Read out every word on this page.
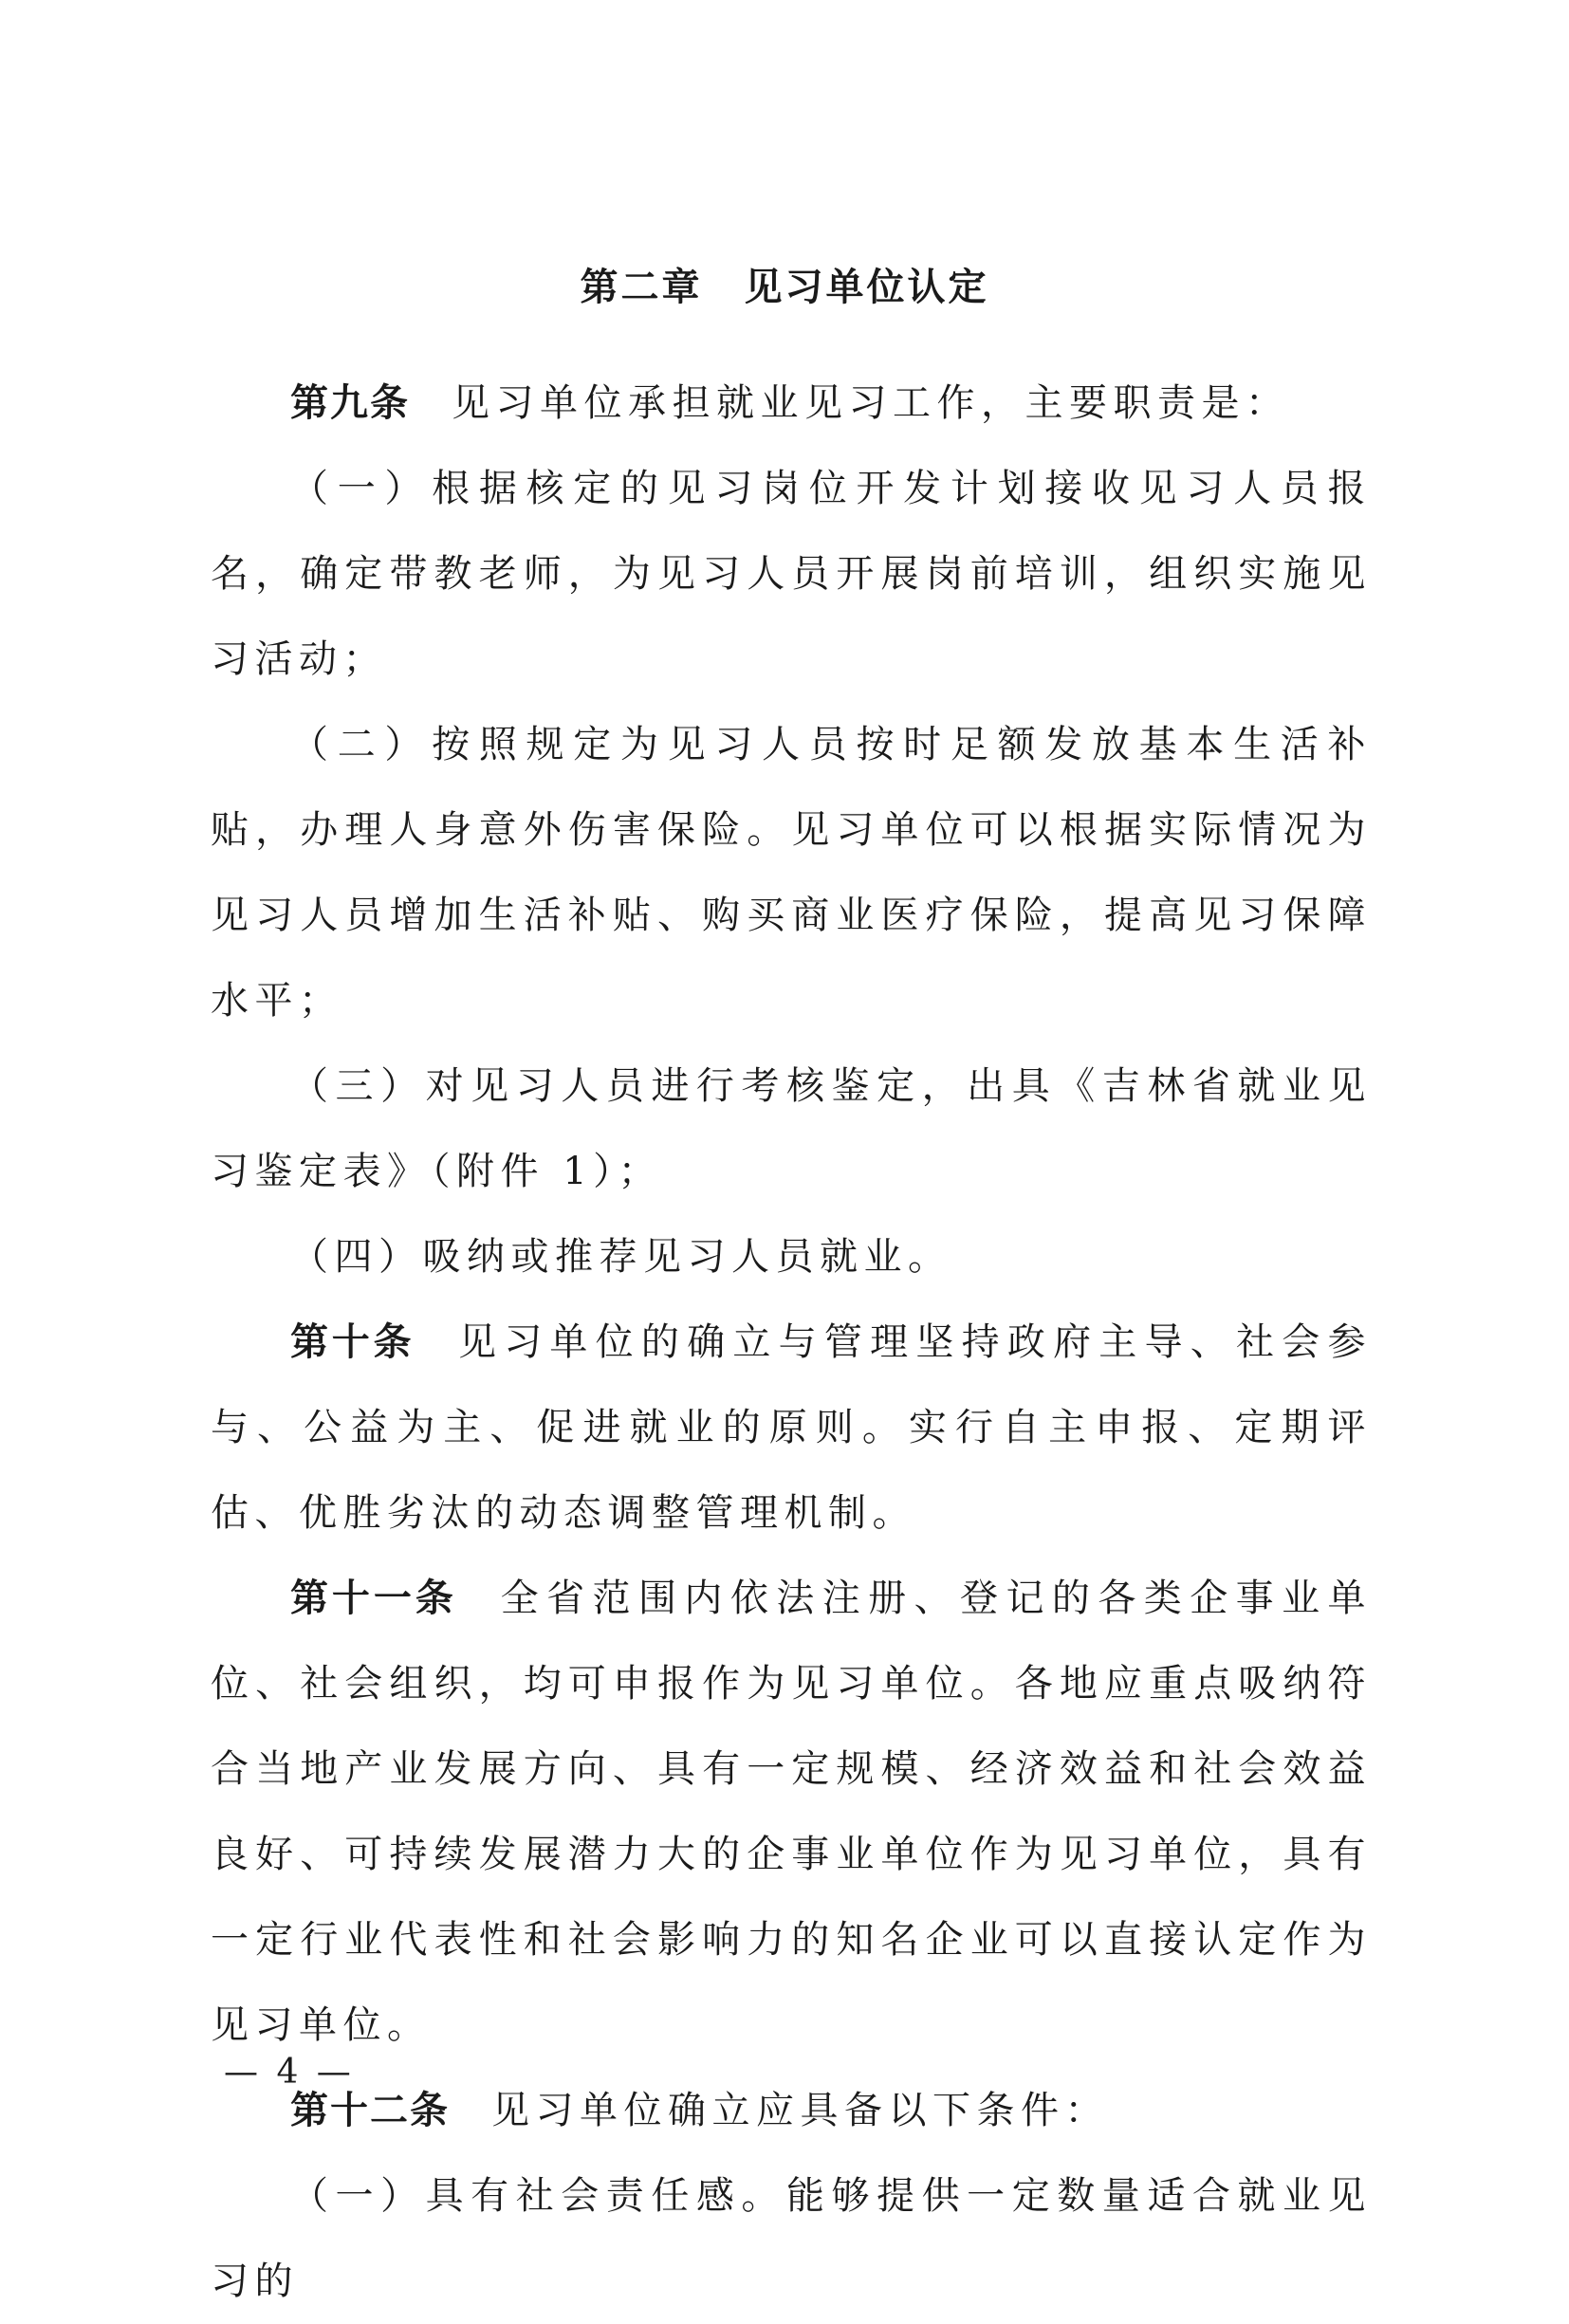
第二章 见习单位认定

第九条 见习单位承担就业见习工作，主要职责是：

（一）根据核定的见习岗位开发计划接收见习人员报名，确定带教老师，为见习人员开展岗前培训，组织实施见习活动；

（二）按照规定为见习人员按时足额发放基本生活补贴，办理人身意外伤害保险。见习单位可以根据实际情况为见习人员增加生活补贴、购买商业医疗保险，提高见习保障水平；

（三）对见习人员进行考核鉴定，出具《吉林省就业见习鉴定表》（附件 1）；

（四）吸纳或推荐见习人员就业。

第十条 见习单位的确立与管理坚持政府主导、社会参与、公益为主、促进就业的原则。实行自主申报、定期评估、优胜劣汰的动态调整管理机制。

第十一条 全省范围内依法注册、登记的各类企事业单位、社会组织，均可申报作为见习单位。各地应重点吸纳符合当地产业发展方向、具有一定规模、经济效益和社会效益良好、可持续发展潜力大的企事业单位作为见习单位，具有一定行业代表性和社会影响力的知名企业可以直接认定作为见习单位。

第十二条 见习单位确立应具备以下条件：

（一）具有社会责任感。能够提供一定数量适合就业见习的

— 4 —
